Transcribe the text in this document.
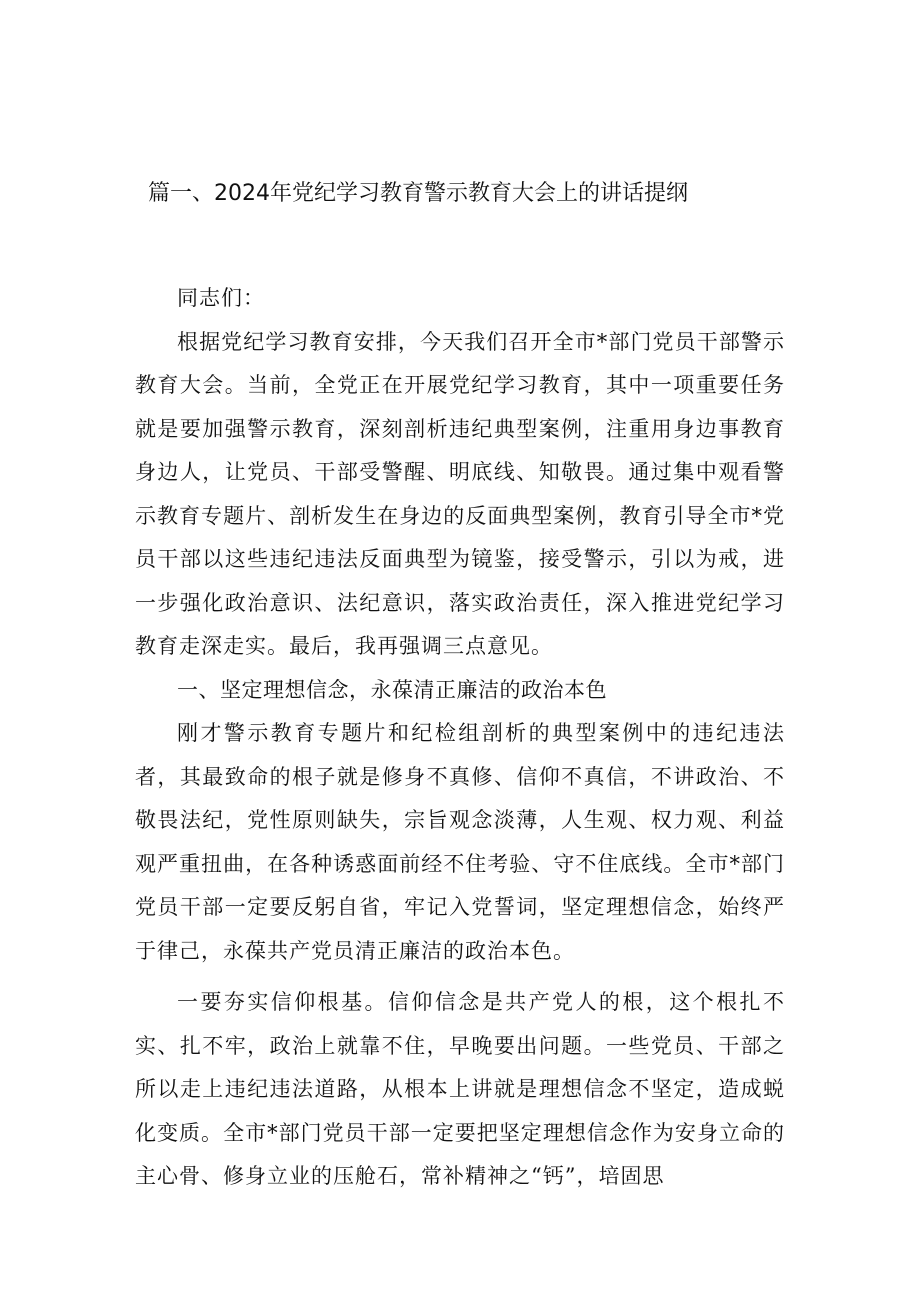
篇一、2024年党纪学习教育警示教育大会上的讲话提纲

同志们：

根据党纪学习教育安排，今天我们召开全市*部门党员干部警示教育大会。当前，全党正在开展党纪学习教育，其中一项重要任务就是要加强警示教育，深刻剖析违纪典型案例，注重用身边事教育身边人，让党员、干部受警醒、明底线、知敬畏。通过集中观看警示教育专题片、剖析发生在身边的反面典型案例，教育引导全市*党员干部以这些违纪违法反面典型为镜鉴，接受警示，引以为戒，进一步强化政治意识、法纪意识，落实政治责任，深入推进党纪学习教育走深走实。最后，我再强调三点意见。

一、坚定理想信念，永葆清正廉洁的政治本色

刚才警示教育专题片和纪检组剖析的典型案例中的违纪违法者，其最致命的根子就是修身不真修、信仰不真信，不讲政治、不敬畏法纪，党性原则缺失，宗旨观念淡薄，人生观、权力观、利益观严重扭曲，在各种诱惑面前经不住考验、守不住底线。全市*部门党员干部一定要反躬自省，牢记入党誓词，坚定理想信念，始终严于律己，永葆共产党员清正廉洁的政治本色。

一要夯实信仰根基。信仰信念是共产党人的根，这个根扎不实、扎不牢，政治上就靠不住，早晚要出问题。一些党员、干部之所以走上违纪违法道路，从根本上讲就是理想信念不坚定，造成蜕化变质。全市*部门党员干部一定要把坚定理想信念作为安身立命的主心骨、修身立业的压舱石，常补精神之“钙”，培固思
